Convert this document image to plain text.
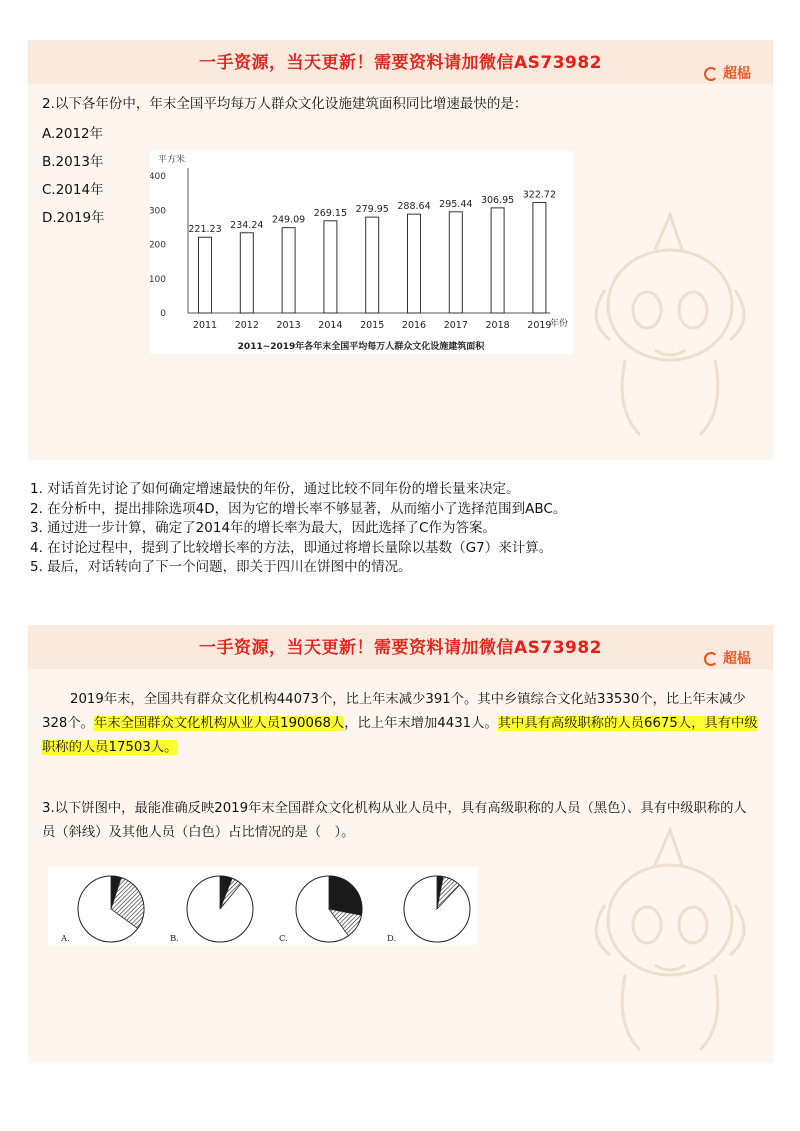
一手资源，当天更新！需要资料请加微信AS73982
超榀
2.以下各年份中，年末全国平均每万人群众文化设施建筑面积同比增速最快的是：
A.2012年
B.2013年
C.2014年
D.2019年
平方米
0
100
200
300
400
221.23
2011
234.24
2012
249.09
2013
269.15
2014
279.95
2015
288.64
2016
295.44
2017
306.95
2018
322.72
2019
年份
2011~2019年各年末全国平均每万人群众文化设施建筑面积
1. 对话首先讨论了如何确定增速最快的年份，通过比较不同年份的增长量来决定。
2. 在分析中，提出排除选项4D，因为它的增长率不够显著，从而缩小了选择范围到ABC。
3. 通过进一步计算，确定了2014年的增长率为最大，因此选择了C作为答案。
4. 在讨论过程中，提到了比较增长率的方法，即通过将增长量除以基数（G7）来计算。
5. 最后，对话转向了下一个问题，即关于四川在饼图中的情况。
一手资源，当天更新！需要资料请加微信AS73982
超榀
2019年末，全国共有群众文化机构44073个，比上年末减少391个。其中乡镇综合文化站33530个，比上年末减少328个。年末全国群众文化机构从业人员190068人，比上年末增加4431人。其中具有高级职称的人员6675人，具有中级职称的人员17503人。
3.以下饼图中，最能准确反映2019年末全国群众文化机构从业人员中，具有高级职称的人员（黑色）、具有中级职称的人员（斜线）及其他人员（白色）占比情况的是（　）。
A.	B.	C.	D.
